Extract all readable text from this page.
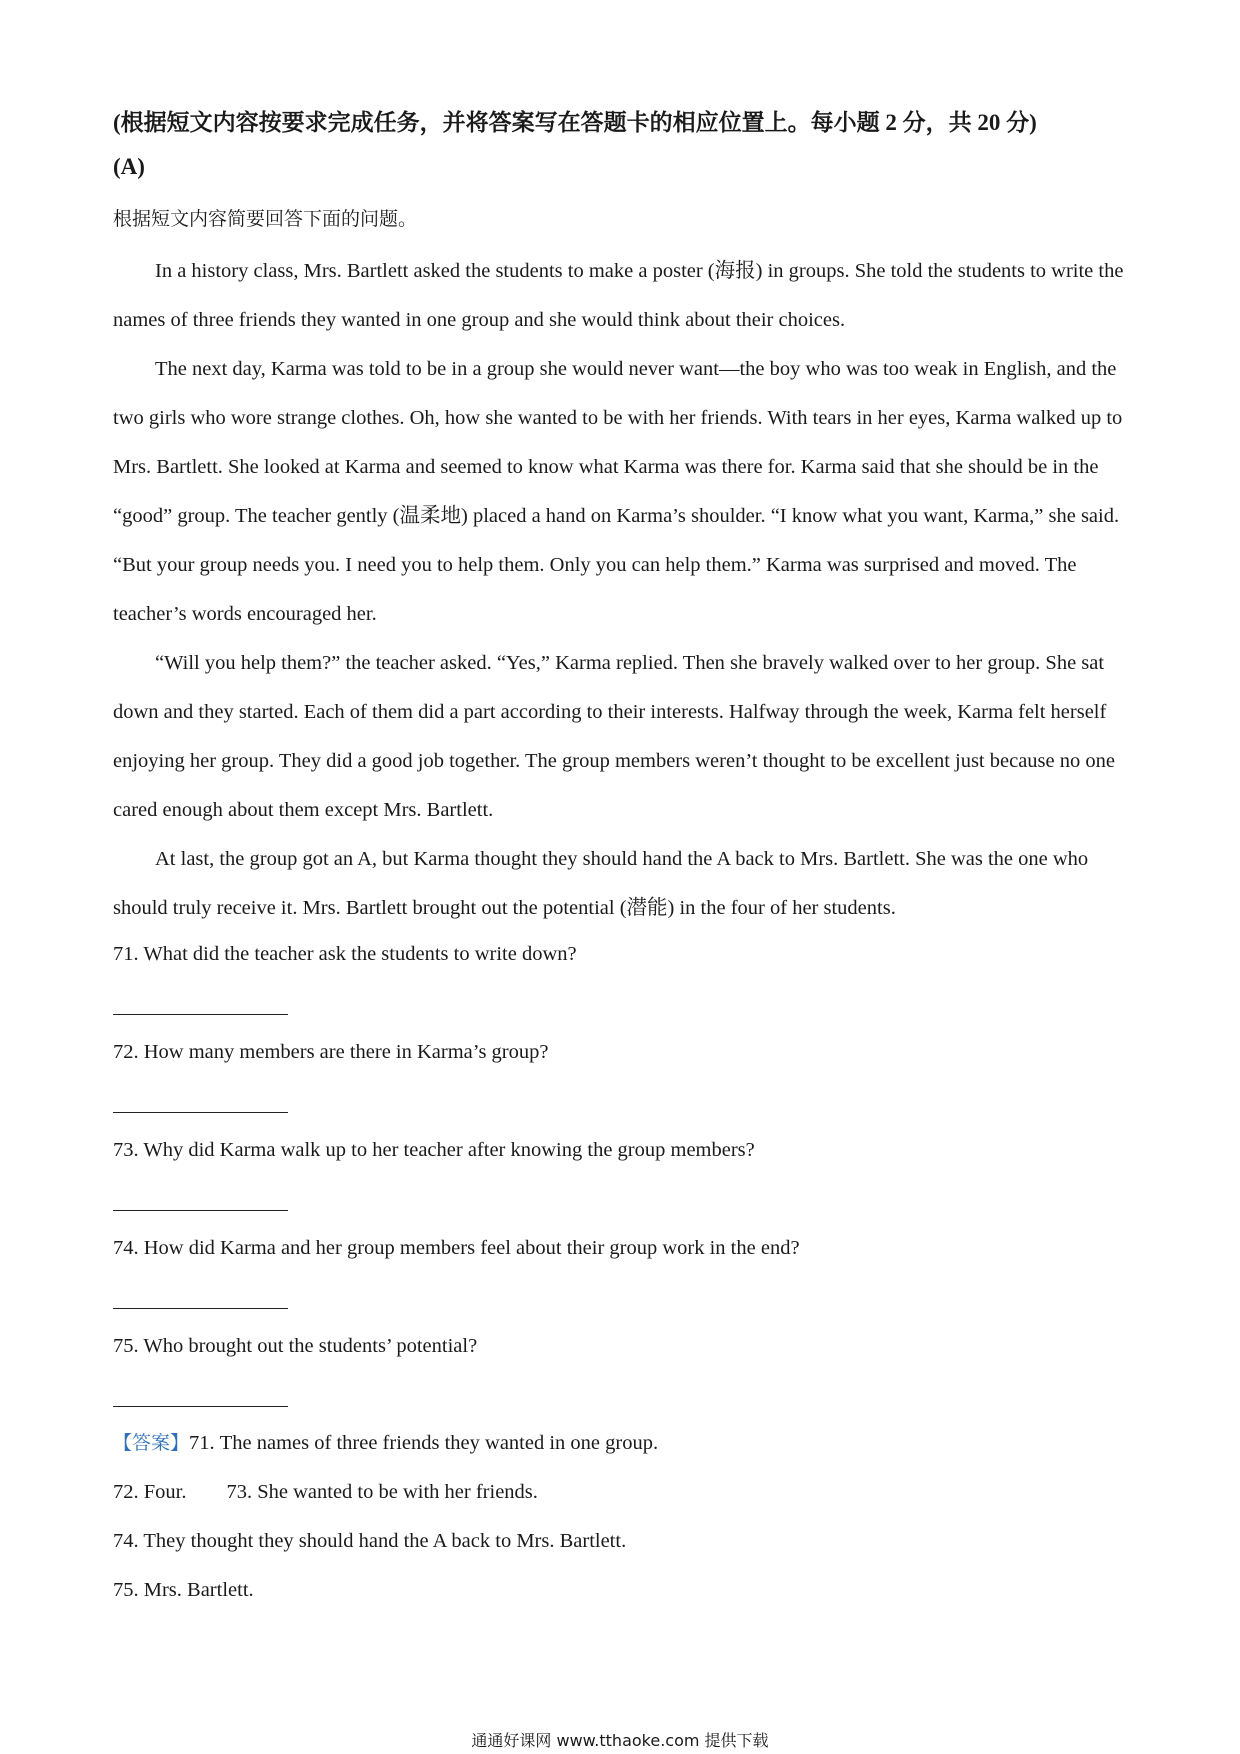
(根据短文内容按要求完成任务，并将答案写在答题卡的相应位置上。每小题 2 分，共 20 分)
(A)
根据短文内容简要回答下面的问题。

In a history class, Mrs. Bartlett asked the students to make a poster (海报) in groups. She told the students to write the names of three friends they wanted in one group and she would think about their choices.

The next day, Karma was told to be in a group she would never want—the boy who was too weak in English, and the two girls who wore strange clothes. Oh, how she wanted to be with her friends. With tears in her eyes, Karma walked up to Mrs. Bartlett. She looked at Karma and seemed to know what Karma was there for. Karma said that she should be in the “good” group. The teacher gently (温柔地) placed a hand on Karma’s shoulder. “I know what you want, Karma,” she said. “But your group needs you. I need you to help them. Only you can help them.” Karma was surprised and moved. The teacher’s words encouraged her.

“Will you help them?” the teacher asked. “Yes,” Karma replied. Then she bravely walked over to her group. She sat down and they started. Each of them did a part according to their interests. Halfway through the week, Karma felt herself enjoying her group. They did a good job together. The group members weren’t thought to be excellent just because no one cared enough about them except Mrs. Bartlett.

At last, the group got an A, but Karma thought they should hand the A back to Mrs. Bartlett. She was the one who should truly receive it. Mrs. Bartlett brought out the potential (潜能) in the four of her students.

71. What did the teacher ask the students to write down?
72. How many members are there in Karma’s group?
73. Why did Karma walk up to her teacher after knowing the group members?
74. How did Karma and her group members feel about their group work in the end?
75. Who brought out the students’ potential?
【答案】71. The names of three friends they wanted in one group.
72. Four. 73. She wanted to be with her friends.
74. They thought they should hand the A back to Mrs. Bartlett.
75. Mrs. Bartlett.
通通好课网 www.tthaoke.com 提供下载
